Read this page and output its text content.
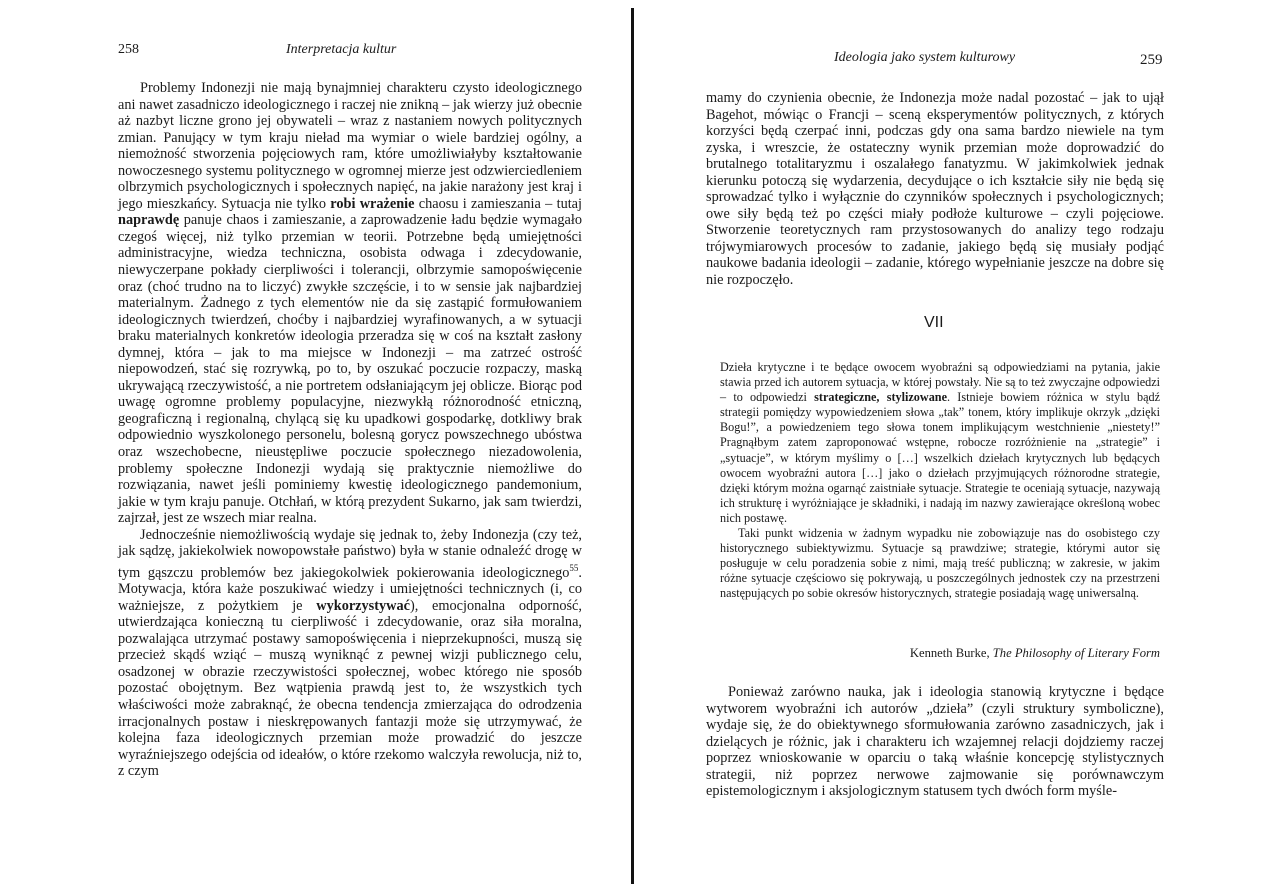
258	Interpretacja kultur

Problemy Indonezji nie mają bynajmniej charakteru czysto ideologicznego ani nawet zasadniczo ideologicznego i raczej nie znikną – jak wierzy już obecnie aż nazbyt liczne grono jej obywateli – wraz z nastaniem nowych politycznych zmian. Panujący w tym kraju nieład ma wymiar o wiele bardziej ogólny, a niemożność stworzenia pojęciowych ram, które umożliwiałyby kształtowanie nowoczesnego systemu politycznego w ogromnej mierze jest odzwierciedleniem olbrzymich psychologicznych i społecznych napięć, na jakie narażony jest kraj i jego mieszkańcy. Sytuacja nie tylko robi wrażenie chaosu i zamieszania – tutaj naprawdę panuje chaos i zamieszanie, a zaprowadzenie ładu będzie wymagało czegoś więcej, niż tylko przemian w teorii. Potrzebne będą umiejętności administracyjne, wiedza techniczna, osobista odwaga i zdecydowanie, niewyczerpane pokłady cierpliwości i tolerancji, olbrzymie samopoświęcenie oraz (choć trudno na to liczyć) zwykłe szczęście, i to w sensie jak najbardziej materialnym. Żadnego z tych elementów nie da się zastąpić formułowaniem ideologicznych twierdzeń, choćby i najbardziej wyrafinowanych, a w sytuacji braku materialnych konkretów ideologia przeradza się w coś na kształt zasłony dymnej, która – jak to ma miejsce w Indonezji – ma zatrzeć ostrość niepowodzeń, stać się rozrywką, po to, by oszukać poczucie rozpaczy, maską ukrywającą rzeczywistość, a nie portretem odsłaniającym jej oblicze. Biorąc pod uwagę ogromne problemy populacyjne, niezwykłą różnorodność etniczną, geograficzną i regionalną, chylącą się ku upadkowi gospodarkę, dotkliwy brak odpowiednio wyszkolonego personelu, bolesną gorycz powszechnego ubóstwa oraz wszechobecne, nieustępliwe poczucie społecznego niezadowolenia, problemy społeczne Indonezji wydają się praktycznie niemożliwe do rozwiązania, nawet jeśli pominiemy kwestię ideologicznego pandemonium, jakie w tym kraju panuje. Otchłań, w którą prezydent Sukarno, jak sam twierdzi, zajrzał, jest ze wszech miar realna.

Jednocześnie niemożliwością wydaje się jednak to, żeby Indonezja (czy też, jak sądzę, jakiekolwiek nowopowstałe państwo) była w stanie odnaleźć drogę w tym gąszczu problemów bez jakiegokolwiek pokierowania ideologicznego$^{55}$. Motywacja, która każe poszukiwać wiedzy i umiejętności technicznych (i, co ważniejsze, z pożytkiem je wykorzystywać), emocjonalna odporność, utwierdzająca konieczną tu cierpliwość i zdecydowanie, oraz siła moralna, pozwalająca utrzymać postawy samopoświęcenia i nieprzekupności, muszą się przecież skądś wziąć – muszą wyniknąć z pewnej wizji publicznego celu, osadzonej w obrazie rzeczywistości społecznej, wobec którego nie sposób pozostać obojętnym. Bez wątpienia prawdą jest to, że wszystkich tych właściwości może zabraknąć, że obecna tendencja zmierzająca do odrodzenia irracjonalnych postaw i nieskrępowanych fantazji może się utrzymywać, że kolejna faza ideologicznych przemian może prowadzić do jeszcze wyraźniejszego odejścia od ideałów, o które rzekomo walczyła rewolucja, niż to, z czym

259
Ideologia jako system kulturowy

mamy do czynienia obecnie, że Indonezja może nadal pozostać – jak to ujął Bagehot, mówiąc o Francji – sceną eksperymentów politycznych, z których korzyści będą czerpać inni, podczas gdy ona sama bardzo niewiele na tym zyska, i wreszcie, że ostateczny wynik przemian może doprowadzić do brutalnego totalitaryzmu i oszalałego fanatyzmu. W jakimkolwiek jednak kierunku potoczą się wydarzenia, decydujące o ich kształcie siły nie będą się sprowadzać tylko i wyłącznie do czynników społecznych i psychologicznych; owe siły będą też po części miały podłoże kulturowe – czyli pojęciowe. Stworzenie teoretycznych ram przystosowanych do analizy tego rodzaju trójwymiarowych procesów to zadanie, jakiego będą się musiały podjąć naukowe badania ideologii – zadanie, którego wypełnianie jeszcze na dobre się nie rozpoczęło.

VII

Dzieła krytyczne i te będące owocem wyobraźni są odpowiedziami na pytania, jakie stawia przed ich autorem sytuacja, w której powstały. Nie są to też zwyczajne odpowiedzi – to odpowiedzi strategiczne, stylizowane. Istnieje bowiem różnica w stylu bądź strategii pomiędzy wypowiedzeniem słowa „tak” tonem, który implikuje okrzyk „dzięki Bogu!”, a powiedzeniem tego słowa tonem implikującym westchnienie „niestety!” Pragnąłbym zatem zaproponować wstępne, robocze rozróżnienie na „strategie” i „sytuacje”, w którym myślimy o […] wszelkich dziełach krytycznych lub będących owocem wyobraźni autora […] jako o dziełach przyjmujących różnorodne strategie, dzięki którym można ogarnąć zaistniałe sytuacje. Strategie te oceniają sytuacje, nazywają ich strukturę i wyróżniające je składniki, i nadają im nazwy zawierające określoną wobec nich postawę.

Taki punkt widzenia w żadnym wypadku nie zobowiązuje nas do osobistego czy historycznego subiektywizmu. Sytuacje są prawdziwe; strategie, którymi autor się posługuje w celu poradzenia sobie z nimi, mają treść publiczną; w zakresie, w jakim różne sytuacje częściowo się pokrywają, u poszczególnych jednostek czy na przestrzeni następujących po sobie okresów historycznych, strategie posiadają wagę uniwersalną.

Kenneth Burke, The Philosophy of Literary Form

Ponieważ zarówno nauka, jak i ideologia stanowią krytyczne i będące wytworem wyobraźni ich autorów „dzieła” (czyli struktury symboliczne), wydaje się, że do obiektywnego sformułowania zarówno zasadniczych, jak i dzielących je różnic, jak i charakteru ich wzajemnej relacji dojdziemy raczej poprzez wnioskowanie w oparciu o taką właśnie koncepcję stylistycznych strategii, niż poprzez nerwowe zajmowanie się porównawczym epistemologicznym i aksjologicznym statusem tych dwóch form myśle-
